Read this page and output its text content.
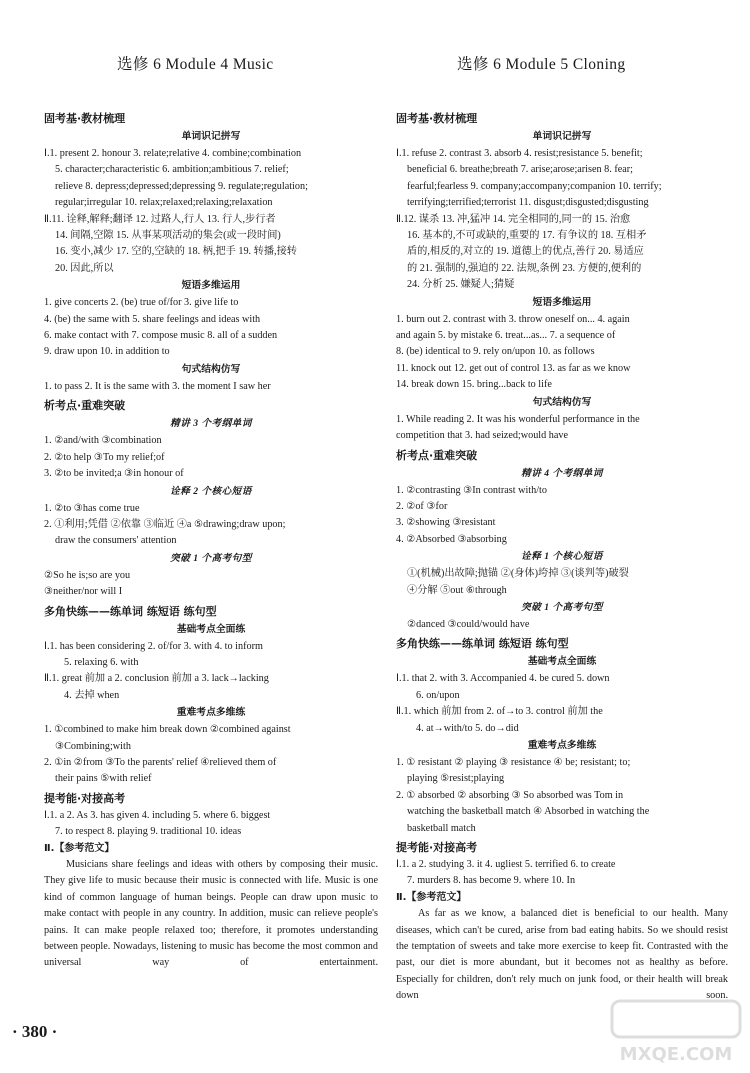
选修 6 Module 4 Music
固考基·教材梳理
单词识记拼写
Ⅰ.1. present 2. honour 3. relate;relative 4. combine;combination
5. character;characteristic 6. ambition;ambitious 7. relief;
relieve 8. depress;depressed;depressing 9. regulate;regulation;
regular;irregular 10. relax;relaxed;relaxing;relaxation
Ⅱ.11. 诠释,解释;翻译 12. 过路人,行人 13. 行人,步行者
14. 间隔,空隙 15. 从事某项活动的集会(或一段时间)
16. 变小,减少 17. 空的,空缺的 18. 柄,把手 19. 转播,接转
20. 因此,所以
短语多维运用
1. give concerts 2. (be) true of/for 3. give life to
4. (be) the same with 5. share feelings and ideas with
6. make contact with 7. compose music 8. all of a sudden
9. draw upon 10. in addition to
句式结构仿写
1. to pass 2. It is the same with 3. the moment I saw her
析考点·重难突破
精讲 3 个考纲单词
1. ②and/with ③combination
2. ②to help ③To my relief;of
3. ②to be invited;a ③in honour of
诠释 2 个核心短语
1. ②to ③has come true
2. ①利用;凭借 ②依靠 ③临近 ④a ⑤drawing;draw upon;
draw the consumers' attention
突破 1 个高考句型
②So he is;so are you
③neither/nor will I
多角快练——练单词 练短语 练句型
基础考点全面练
Ⅰ.1. has been considering 2. of/for 3. with 4. to inform
5. relaxing 6. with
Ⅱ.1. great 前加 a 2. conclusion 前加 a 3. lack→lacking
4. 去掉 when
重难考点多维练
1. ①combined to make him break down ②combined against
③Combining;with
2. ①in ②from ③To the parents' relief ④relieved them of
their pains ⑤with relief
提考能·对接高考
Ⅰ.1. a 2. As 3. has given 4. including 5. where 6. biggest
7. to respect 8. playing 9. traditional 10. ideas
Ⅱ.【参考范文】
Musicians share feelings and ideas with others by composing their music. They give life to music because their music is connected with life. Music is one kind of common language of human beings. People can draw upon music to make contact with people in any country. In addition, music can relieve people's pains. It can make people relaxed too; therefore, it promotes understanding between people. Nowadays, listening to music has become the most common and universal way of entertainment.
选修 6 Module 5 Cloning
固考基·教材梳理
单词识记拼写
Ⅰ.1. refuse 2. contrast 3. absorb 4. resist;resistance 5. benefit;
beneficial 6. breathe;breath 7. arise;arose;arisen 8. fear;
fearful;fearless 9. company;accompany;companion 10. terrify;
terrifying;terrified;terrorist 11. disgust;disgusted;disgusting
Ⅱ.12. 谋杀 13. 冲,猛冲 14. 完全相同的,同一的 15. 治愈
16. 基本的,不可或缺的,重要的 17. 有争议的 18. 互相矛
盾的,相反的,对立的 19. 道德上的优点,善行 20. 易适应
的 21. 强制的,强迫的 22. 法规,条例 23. 方便的,便利的
24. 分析 25. 嫌疑人;猜疑
短语多维运用
1. burn out 2. contrast with 3. throw oneself on... 4. again
and again 5. by mistake 6. treat...as... 7. a sequence of
8. (be) identical to 9. rely on/upon 10. as follows
11. knock out 12. get out of control 13. as far as we know
14. break down 15. bring...back to life
句式结构仿写
1. While reading 2. It was his wonderful performance in the
competition that 3. had seized;would have
析考点·重难突破
精讲 4 个考纲单词
1. ②contrasting ③In contrast with/to
2. ②of ③for
3. ②showing ③resistant
4. ②Absorbed ③absorbing
诠释 1 个核心短语
①(机械)出故障;抛锚 ②(身体)垮掉 ③(谈判等)破裂
④分解 ⑤out ⑥through
突破 1 个高考句型
②danced ③could/would have
多角快练——练单词 练短语 练句型
基础考点全面练
Ⅰ.1. that 2. with 3. Accompanied 4. be cured 5. down
6. on/upon
Ⅱ.1. which 前加 from 2. of→to 3. control 前加 the
4. at→with/to 5. do→did
重难考点多维练
1. ① resistant ② playing ③ resistance ④ be; resistant; to;
playing ⑤resist;playing
2. ① absorbed ② absorbing ③ So absorbed was Tom in
watching the basketball match ④ Absorbed in watching the
basketball match
提考能·对接高考
Ⅰ.1. a 2. studying 3. it 4. ugliest 5. terrified 6. to create
7. murders 8. has become 9. where 10. In
Ⅱ.【参考范文】
As far as we know, a balanced diet is beneficial to our health. Many diseases, which can't be cured, arise from bad eating habits. So we should resist the temptation of sweets and take more exercise to keep fit. Contrasted with the past, our diet is more abundant, but it becomes not as healthy as before. Especially for children, don't rely much on junk food, or their health will break down soon.
· 380 ·
MXQE.COM
